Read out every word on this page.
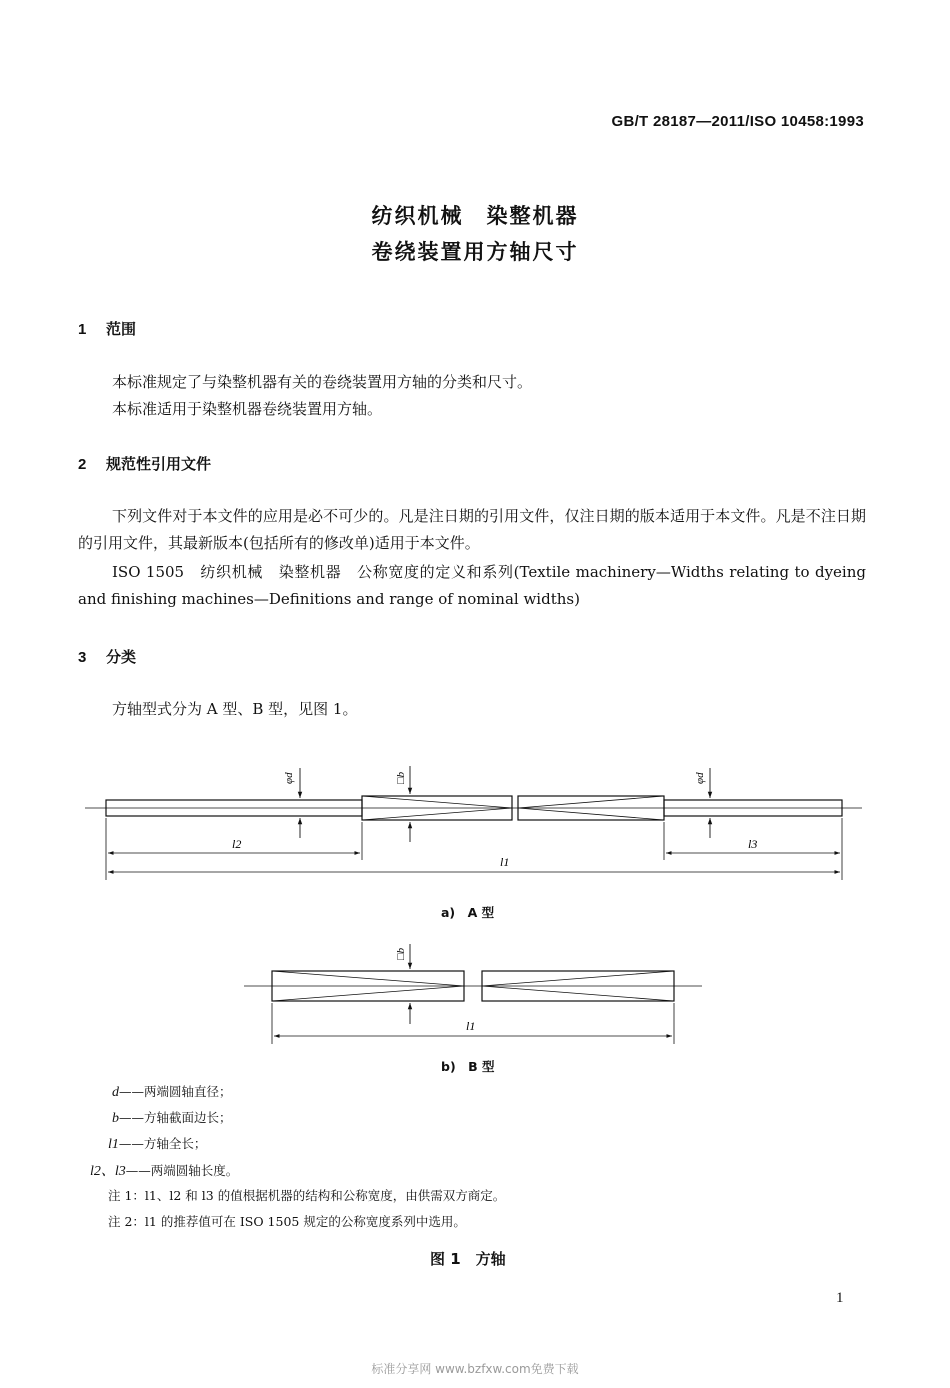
GB/T 28187—2011/ISO 10458:1993
纺织机械　染整机器
卷绕装置用方轴尺寸
1 范围
本标准规定了与染整机器有关的卷绕装置用方轴的分类和尺寸。
本标准适用于染整机器卷绕装置用方轴。
2 规范性引用文件
下列文件对于本文件的应用是必不可少的。凡是注日期的引用文件，仅注日期的版本适用于本文件。凡是不注日期的引用文件，其最新版本(包括所有的修改单)适用于本文件。
ISO 1505　纺织机械　染整机器　公称宽度的定义和系列(Textile machinery—Widths relating to dyeing and finishing machines—Definitions and range of nominal widths)
3 分类
方轴型式分为 A 型、B 型，见图 1。
φd	□b	φd
l2	l3
l1
a)　A 型
□b
l1
b)　B 型
d——两端圆轴直径；
b——方轴截面边长；
l1——方轴全长；
l2、l3——两端圆轴长度。
注 1：l1、l2 和 l3 的值根据机器的结构和公称宽度，由供需双方商定。
注 2：l1 的推荐值可在 ISO 1505 规定的公称宽度系列中选用。
图 1　方轴
1
标准分享网 www.bzfxw.com免费下载
